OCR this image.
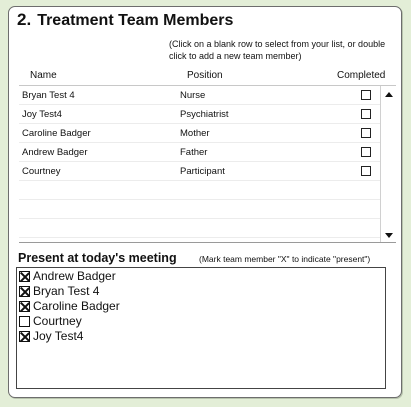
2. Treatment Team Members
(Click on a blank row to select from your list, or double click to add a new team member)
Name	Position	Completed
Bryan Test 4	Nurse
Joy Test4	Psychiatrist
Caroline Badger	Mother
Andrew Badger	Father
Courtney	Participant
Present at today's meeting	(Mark team member "X" to indicate "present")
Andrew Badger
Bryan Test 4
Caroline Badger
Courtney
Joy Test4
